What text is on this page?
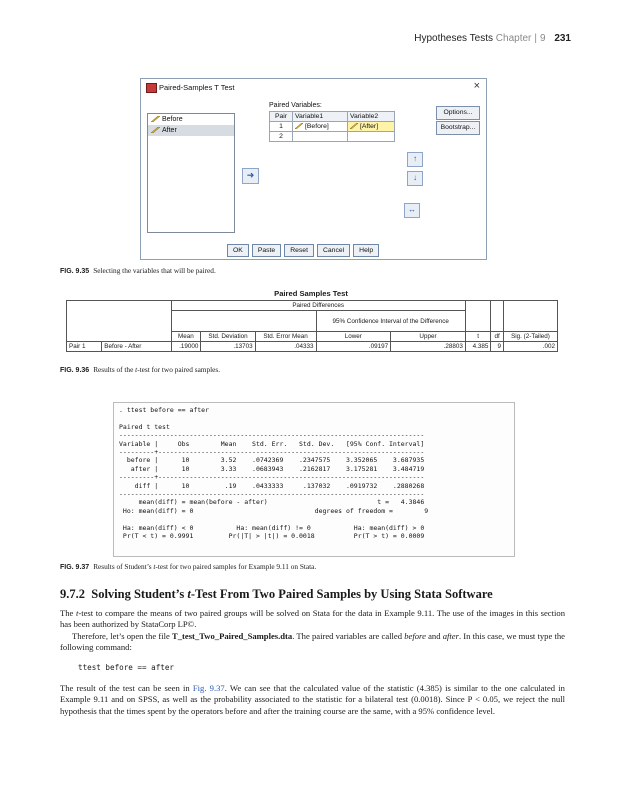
Hypotheses Tests Chapter | 9 231
Paired-Samples T Test	×
Before
After
➜
Paired Variables:
Pair	Variable1	Variable2
1	[Before]	[After]
2		
↑
↓
↔
Options...
Bootstrap...
OK	Paste	Reset	Cancel	Help
FIG. 9.35 Selecting the variables that will be paired.
Paired Samples Test
		Paired Differences							
					95% Confidence Interval of the Difference				
		Mean	Std. Deviation	Std. Error Mean	Lower	Upper	t	df	Sig. (2-Tailed)
Pair 1	Before - After	.19000	.13703	.04333	.09197	.28803	4.385	9	.002
FIG. 9.36 Results of the t-test for two paired samples.
. ttest before == after

Paired t test
------------------------------------------------------------------------------
Variable |     Obs        Mean    Std. Err.   Std. Dev.   [95% Conf. Interval]
---------+--------------------------------------------------------------------
before |      10        3.52    .0742369    .2347575    3.352065    3.687935
after |      10        3.33    .0683943    .2162817    3.175281    3.484719
---------+--------------------------------------------------------------------
diff |      10         .19    .0433333     .137032    .0919732    .2880268
------------------------------------------------------------------------------
mean(diff) = mean(before - after)                            t =   4.3846
Ho: mean(diff) = 0                               degrees of freedom =        9

Ha: mean(diff) < 0           Ha: mean(diff) != 0           Ha: mean(diff) > 0
Pr(T < t) = 0.9991         Pr(|T| > |t|) = 0.0018          Pr(T > t) = 0.0009
FIG. 9.37 Results of Student’s t-test for two paired samples for Example 9.11 on Stata.
9.7.2 Solving Student’s t-Test From Two Paired Samples by Using Stata Software
The t-test to compare the means of two paired groups will be solved on Stata for the data in Example 9.11. The use of the images in this section has been authorized by StataCorp LP©.
Therefore, let’s open the file T_test_Two_Paired_Samples.dta. The paired variables are called before and after. In this case, we must type the following command:
ttest before == after
The result of the test can be seen in Fig. 9.37. We can see that the calculated value of the statistic (4.385) is similar to the one calculated in Example 9.11 and on SPSS, as well as the probability associated to the statistic for a bilateral test (0.0018). Since P < 0.05, we reject the null hypothesis that the times spent by the operators before and after the training course are the same, with a 95% confidence level.
